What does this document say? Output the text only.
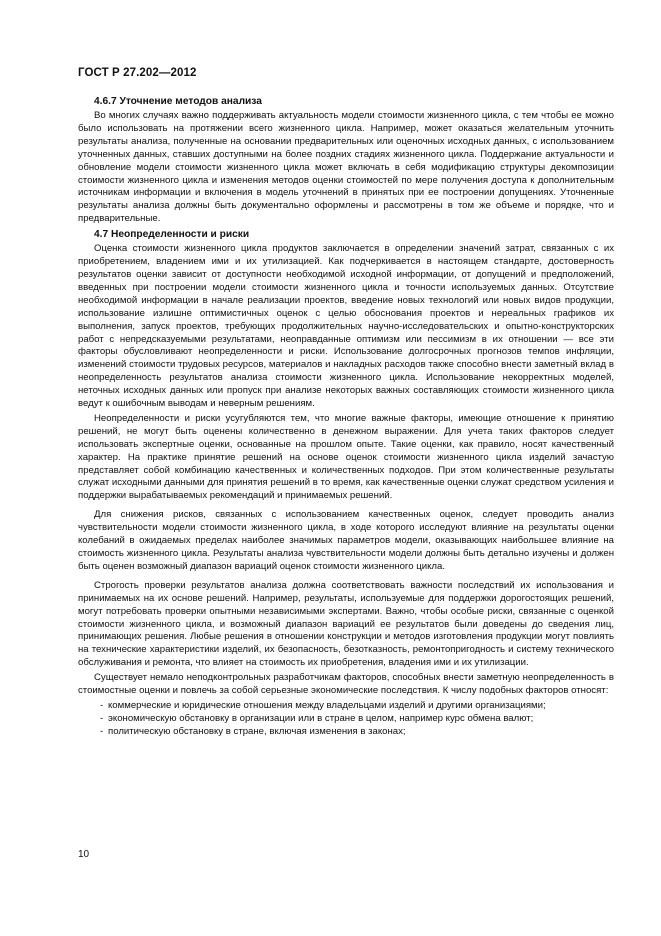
ГОСТ Р 27.202—2012
4.6.7 Уточнение методов анализа

Во многих случаях важно поддерживать актуальность модели стоимости жизненного цикла, с тем чтобы ее можно было использовать на протяжении всего жизненного цикла. Например, может оказаться желательным уточнить результаты анализа, полученные на основании предварительных или оценочных исходных данных, с использованием уточненных данных, ставших доступными на более поздних стадиях жизненного цикла. Поддержание актуальности и обновление модели стоимости жизненного цикла может включать в себя модификацию структуры декомпозиции стоимости жизненного цикла и изменения методов оценки стоимостей по мере получения доступа к дополнительным источникам информации и включения в модель уточнений в принятых при ее построении допущениях. Уточненные результаты анализа должны быть документально оформлены и рассмотрены в том же объеме и порядке, что и предварительные.

4.7 Неопределенности и риски

Оценка стоимости жизненного цикла продуктов заключается в определении значений затрат, связанных с их приобретением, владением ими и их утилизацией. Как подчеркивается в настоящем стандарте, достоверность результатов оценки зависит от доступности необходимой исходной информации, от допущений и предположений, введенных при построении модели стоимости жизненного цикла и точности используемых данных. Отсутствие необходимой информации в начале реализации проектов, введение новых технологий или новых видов продукции, использование излишне оптимистичных оценок с целью обоснования проектов и нереальных графиков их выполнения, запуск проектов, требующих продолжительных научно-исследовательских и опытно-конструкторских работ с непредсказуемыми результатами, неоправданные оптимизм или пессимизм в их отношении — все эти факторы обусловливают неопределенности и риски. Использование долгосрочных прогнозов темпов инфляции, изменений стоимости трудовых ресурсов, материалов и накладных расходов также способно внести заметный вклад в неопределенность результатов анализа стоимости жизненного цикла. Использование некорректных моделей, неточных исходных данных или пропуск при анализе некоторых важных составляющих стоимости жизненного цикла ведут к ошибочным выводам и неверным решениям.

Неопределенности и риски усугубляются тем, что многие важные факторы, имеющие отношение к принятию решений, не могут быть оценены количественно в денежном выражении. Для учета таких факторов следует использовать экспертные оценки, основанные на прошлом опыте. Такие оценки, как правило, носят качественный характер. На практике принятие решений на основе оценок стоимости жизненного цикла изделий зачастую представляет собой комбинацию качественных и количественных подходов. При этом количественные результаты служат исходными данными для принятия решений в то время, как качественные оценки служат средством усиления и поддержки вырабатываемых рекомендаций и принимаемых решений.

Для снижения рисков, связанных с использованием качественных оценок, следует проводить анализ чувствительности модели стоимости жизненного цикла, в ходе которого исследуют влияние на результаты оценки колебаний в ожидаемых пределах наиболее значимых параметров модели, оказывающих наибольшее влияние на стоимость жизненного цикла. Результаты анализа чувствительности модели должны быть детально изучены и должен быть оценен возможный диапазон вариаций оценок стоимости жизненного цикла.

Строгость проверки результатов анализа должна соответствовать важности последствий их использования и принимаемых на их основе решений. Например, результаты, используемые для поддержки дорогостоящих решений, могут потребовать проверки опытными независимыми экспертами. Важно, чтобы особые риски, связанные с оценкой стоимости жизненного цикла, и возможный диапазон вариаций ее результатов были доведены до сведения лиц, принимающих решения. Любые решения в отношении конструкции и методов изготовления продукции могут повлиять на технические характеристики изделий, их безопасность, безотказность, ремонтопригодность и систему технического обслуживания и ремонта, что влияет на стоимость их приобретения, владения ими и их утилизации.

Существует немало неподконтрольных разработчикам факторов, способных внести заметную неопределенность в стоимостные оценки и повлечь за собой серьезные экономические последствия. К числу подобных факторов относят:

- коммерческие и юридические отношения между владельцами изделий и другими организациями;
- экономическую обстановку в организации или в стране в целом, например курс обмена валют;
- политическую обстановку в стране, включая изменения в законах;
10
